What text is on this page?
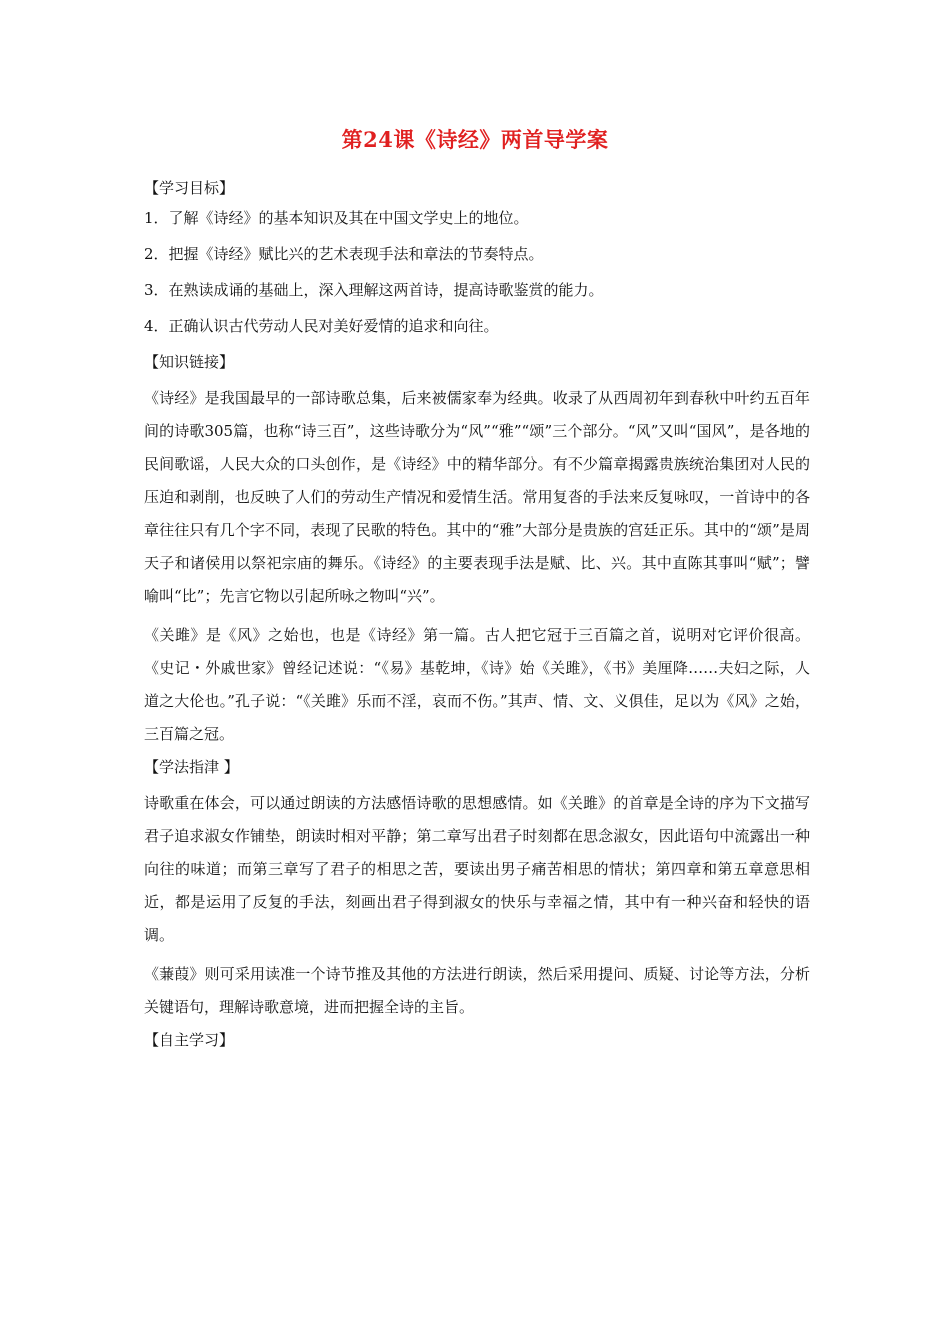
第24课《诗经》两首导学案
【学习目标】
1．了解《诗经》的基本知识及其在中国文学史上的地位。
2．把握《诗经》赋比兴的艺术表现手法和章法的节奏特点。
3．在熟读成诵的基础上，深入理解这两首诗，提高诗歌鉴赏的能力。
4．正确认识古代劳动人民对美好爱情的追求和向往。
【知识链接】

《诗经》是我国最早的一部诗歌总集，后来被儒家奉为经典。收录了从西周初年到春秋中叶约五百年间的诗歌305篇，也称“诗三百”，这些诗歌分为“风”“雅”“颂”三个部分。“风”又叫“国风”，是各地的民间歌谣，人民大众的口头创作，是《诗经》中的精华部分。有不少篇章揭露贵族统治集团对人民的压迫和剥削，也反映了人们的劳动生产情况和爱情生活。常用复沓的手法来反复咏叹，一首诗中的各章往往只有几个字不同，表现了民歌的特色。其中的“雅”大部分是贵族的宫廷正乐。其中的“颂”是周天子和诸侯用以祭祀宗庙的舞乐。《诗经》的主要表现手法是赋、比、兴。其中直陈其事叫“赋”；譬喻叫“比”；先言它物以引起所咏之物叫“兴”。

《关雎》是《风》之始也，也是《诗经》第一篇。古人把它冠于三百篇之首，说明对它评价很高。《史记・外戚世家》曾经记述说：“《易》基乾坤，《诗》始《关雎》，《书》美厘降……夫妇之际，人道之大伦也。”孔子说：“《关雎》乐而不淫，哀而不伤。”其声、情、文、义俱佳，足以为《风》之始，三百篇之冠。

【学法指津 】

诗歌重在体会，可以通过朗读的方法感悟诗歌的思想感情。如《关雎》的首章是全诗的序为下文描写君子追求淑女作铺垫，朗读时相对平静；第二章写出君子时刻都在思念淑女，因此语句中流露出一种向往的味道；而第三章写了君子的相思之苦，要读出男子痛苦相思的情状；第四章和第五章意思相近，都是运用了反复的手法，刻画出君子得到淑女的快乐与幸福之情，其中有一种兴奋和轻快的语调。

《蒹葭》则可采用读准一个诗节推及其他的方法进行朗读，然后采用提问、质疑、讨论等方法，分析关键语句，理解诗歌意境，进而把握全诗的主旨。

【自主学习】
